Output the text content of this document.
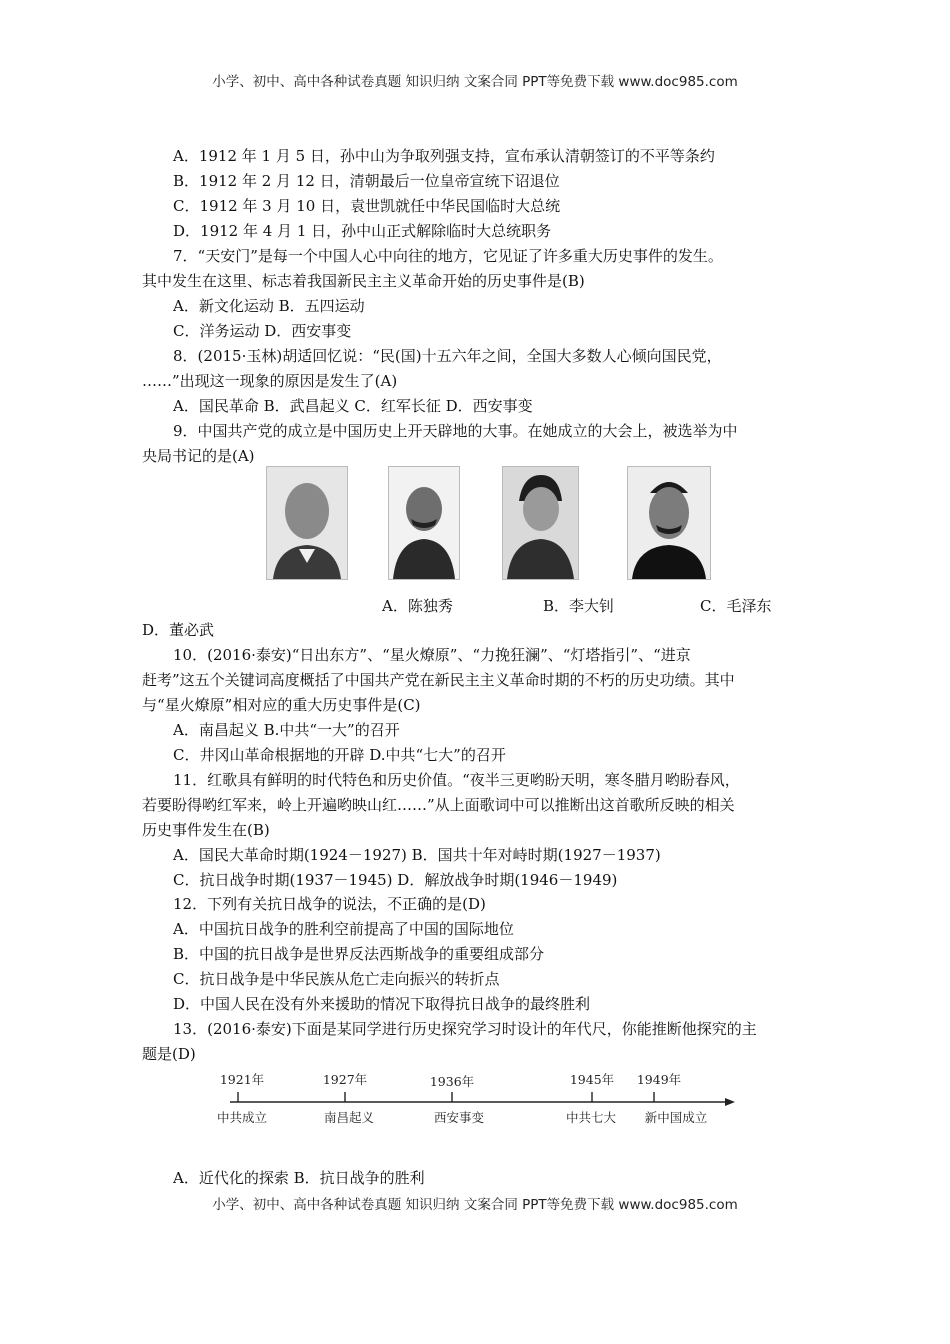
小学、初中、高中各种试卷真题 知识归纳 文案合同 PPT等免费下载 www.doc985.com
A．1912 年 1 月 5 日，孙中山为争取列强支持，宣布承认清朝签订的不平等条约
B．1912 年 2 月 12 日，清朝最后一位皇帝宣统下诏退位
C．1912 年 3 月 10 日，袁世凯就任中华民国临时大总统
D．1912 年 4 月 1 日，孙中山正式解除临时大总统职务
7．“天安门”是每一个中国人心中向往的地方，它见证了许多重大历史事件的发生。
其中发生在这里、标志着我国新民主主义革命开始的历史事件是(B)
A．新文化运动 B．五四运动
C．洋务运动 D．西安事变
8．(2015·玉林)胡适回忆说：“民(国)十五六年之间，全国大多数人心倾向国民党，
……”出现这一现象的原因是发生了(A)
A．国民革命 B．武昌起义 C．红军长征 D．西安事变
9．中国共产党的成立是中国历史上开天辟地的大事。在她成立的大会上，被选举为中
央局书记的是(A)
A．陈独秀	B．李大钊	C．毛泽东
D．董必武
10．(2016·泰安)“日出东方”、“星火燎原”、“力挽狂澜”、“灯塔指引”、“进京
赶考”这五个关键词高度概括了中国共产党在新民主主义革命时期的不朽的历史功绩。其中
与“星火燎原”相对应的重大历史事件是(C)
A．南昌起义 B.中共“一大”的召开
C．井冈山革命根据地的开辟 D.中共“七大”的召开
11．红歌具有鲜明的时代特色和历史价值。“夜半三更哟盼天明，寒冬腊月哟盼春风，
若要盼得哟红军来，岭上开遍哟映山红……”从上面歌词中可以推断出这首歌所反映的相关
历史事件发生在(B)
A．国民大革命时期(1924－1927) B．国共十年对峙时期(1927－1937)
C．抗日战争时期(1937－1945) D．解放战争时期(1946－1949)
12．下列有关抗日战争的说法，不正确的是(D)
A．中国抗日战争的胜利空前提高了中国的国际地位
B．中国的抗日战争是世界反法西斯战争的重要组成部分
C．抗日战争是中华民族从危亡走向振兴的转折点
D．中国人民在没有外来援助的情况下取得抗日战争的最终胜利
13．(2016·泰安)下面是某同学进行历史探究学习时设计的年代尺，你能推断他探究的主
题是(D)
1921年	1927年	1936年	1945年 1949年
中共成立	南昌起义	西安事变	中共七大 新中国成立
A．近代化的探索 B．抗日战争的胜利
小学、初中、高中各种试卷真题 知识归纳 文案合同 PPT等免费下载 www.doc985.com
